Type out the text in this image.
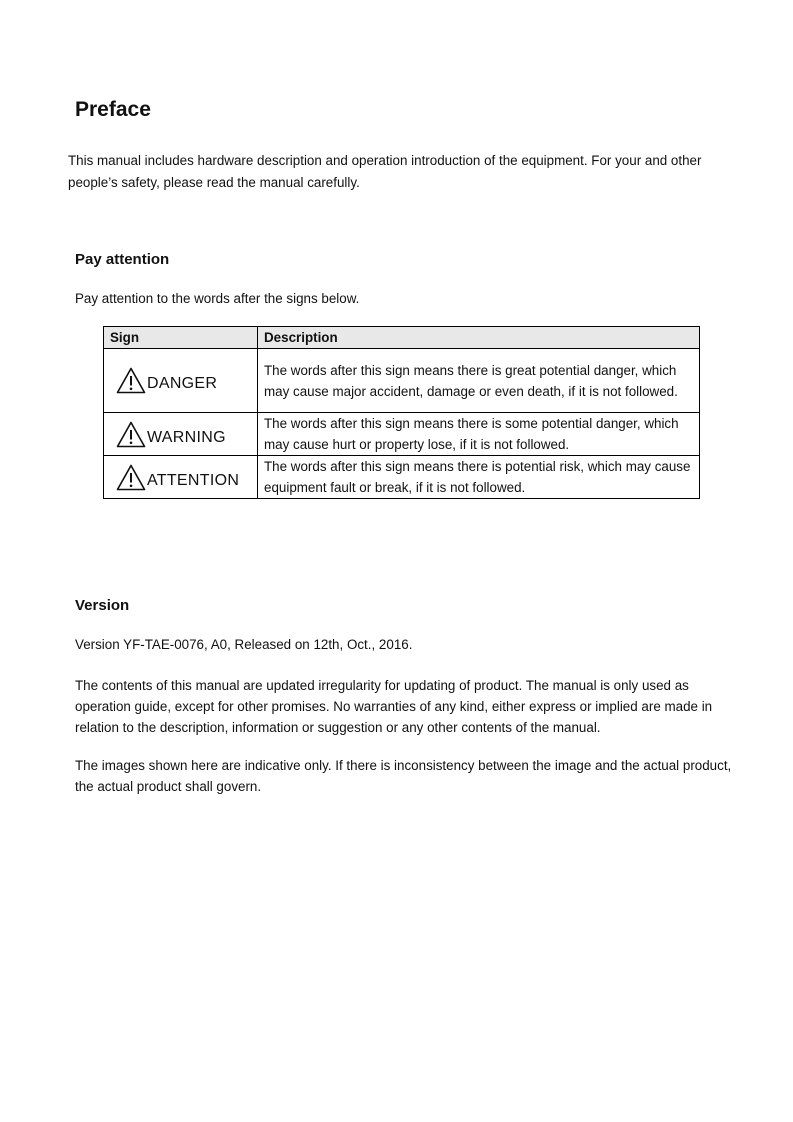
Preface

This manual includes hardware description and operation introduction of the equipment. For your and other people’s safety, please read the manual carefully.

Pay attention

Pay attention to the words after the signs below.

Sign	Description

DANGER	The words after this sign means there is great potential danger, which may cause major accident, damage or even death, if it is not followed.

WARNING	The words after this sign means there is some potential danger, which may cause hurt or property lose, if it is not followed.

ATTENTION	The words after this sign means there is potential risk, which may cause equipment fault or break, if it is not followed.
Version

Version YF-TAE-0076, A0, Released on 12th, Oct., 2016.

The contents of this manual are updated irregularity for updating of product. The manual is only used as operation guide, except for other promises. No warranties of any kind, either express or implied are made in relation to the description, information or suggestion or any other contents of the manual.

The images shown here are indicative only. If there is inconsistency between the image and the actual product, the actual product shall govern.
